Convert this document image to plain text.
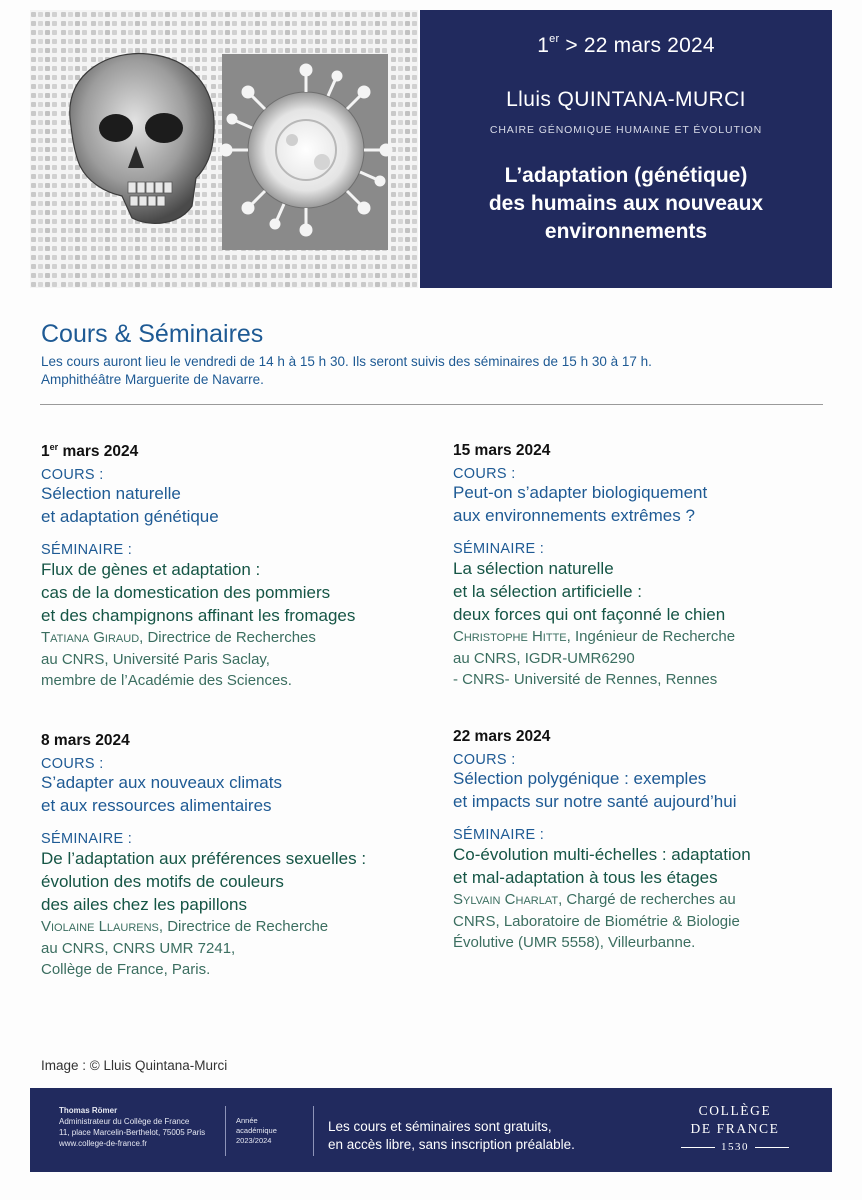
1er > 22 mars 2024
Lluis QUINTANA-MURCI
CHAIRE GÉNOMIQUE HUMAINE ET ÉVOLUTION
L’adaptation (génétique)
des humains aux nouveaux
environnements
Cours & Séminaires
Les cours auront lieu le vendredi de 14 h à 15 h 30. Ils seront suivis des séminaires de 15 h 30 à 17 h.
Amphithéâtre Marguerite de Navarre.
1er mars 2024
COURS :
Sélection naturelle
et adaptation génétique
SÉMINAIRE :
Flux de gènes et adaptation :
cas de la domestication des pommiers
et des champignons affinant les fromages
Tatiana Giraud, Directrice de Recherches
au CNRS, Université Paris Saclay,
membre de l’Académie des Sciences.
15 mars 2024
COURS :
Peut-on s’adapter biologiquement
aux environnements extrêmes ?
SÉMINAIRE :
La sélection naturelle
et la sélection artificielle :
deux forces qui ont façonné le chien
Christophe Hitte, Ingénieur de Recherche
au CNRS, IGDR-UMR6290
- CNRS- Université de Rennes, Rennes
8 mars 2024
COURS :
S’adapter aux nouveaux climats
et aux ressources alimentaires
SÉMINAIRE :
De l’adaptation aux préférences sexuelles :
évolution des motifs de couleurs
des ailes chez les papillons
Violaine Llaurens, Directrice de Recherche
au CNRS, CNRS UMR 7241,
Collège de France, Paris.
22 mars 2024
COURS :
Sélection polygénique : exemples
et impacts sur notre santé aujourd’hui
SÉMINAIRE :
Co-évolution multi-échelles : adaptation
et mal-adaptation à tous les étages
Sylvain Charlat, Chargé de recherches au
CNRS, Laboratoire de Biométrie & Biologie
Évolutive (UMR 5558), Villeurbanne.
Image : © Lluis Quintana-Murci
Thomas Römer
Administrateur du Collège de France
11, place Marcelin-Berthelot, 75005 Paris
www.college-de-france.fr
Année
académique
2023/2024
Les cours et séminaires sont gratuits,
en accès libre, sans inscription préalable.
COLLÈGE
DE FRANCE
1530
